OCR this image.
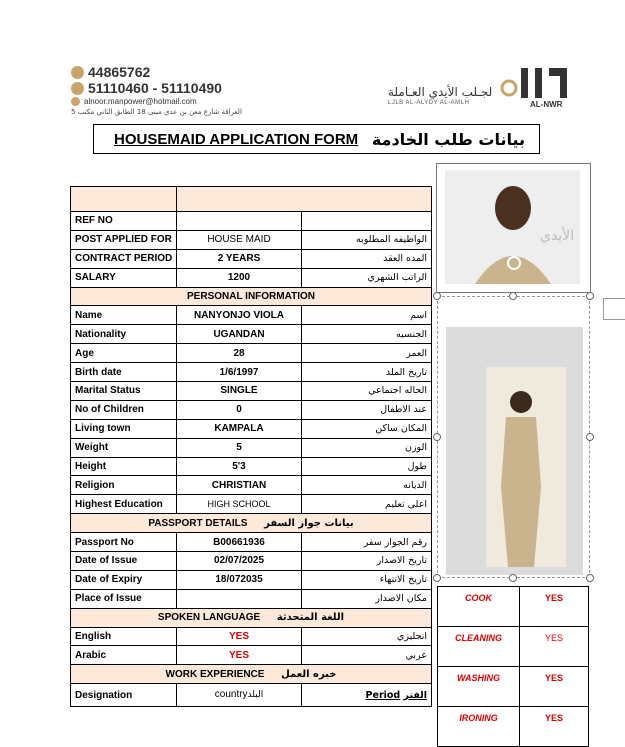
44865762
51110460 - 51110490
alnoor.manpower@hotmail.com
العراقة شارع معن بن عدي مبنى 18 الطابق الثاني مكتب 5
لجـلب الأيدي العـاملة
LJLB AL-ALYDY AL-AMLH	AL-NWR
HOUSEMAID APPLICATION FORM بيانات طلب الخادمة

REF NO		
POST APPLIED FOR	HOUSE MAID	الواظيفه المطلوبه
CONTRACT PERIOD	2 YEARS	المده العقد
SALARY	1200	الراتب الشهري
PERSONAL INFORMATION		
Name	NANYONJO VIOLA	اسم
Nationality	UGANDAN	الجنسيه
Age	28	العمر
Birth date	1/6/1997	تاريخ الملد
Marital Status	SINGLE	الحاله اجتماعي
No of Children	0	عند الاطفال
Living town	KAMPALA	المكان ساكن
Weight	5	الوزن
Height	5'3	طول
Religion	CHRISTIAN	الديانه
Highest Education	HIGH SCHOOL	اعلى تعليم
PASSPORT DETAILS بيانات جواز السفر		
Passport No	B00661936	رقم الجواز سفر
Date of Issue	02/07/2025	تاريخ الاصدار
Date of Expiry	18/072035	تاريخ الانتهاء
Place of Issue		مكان الاصدار
SPOKEN LANGUAGE اللغة المتحدثة		
English	YES	انجليزي
Arabic	YES	عربي
WORK EXPERIENCE خبره العمل		
Designation	countryالبلد	Period الفتر
الأيدي
COOK	YES
CLEANING	YES
WASHING	YES
IRONING	YES
